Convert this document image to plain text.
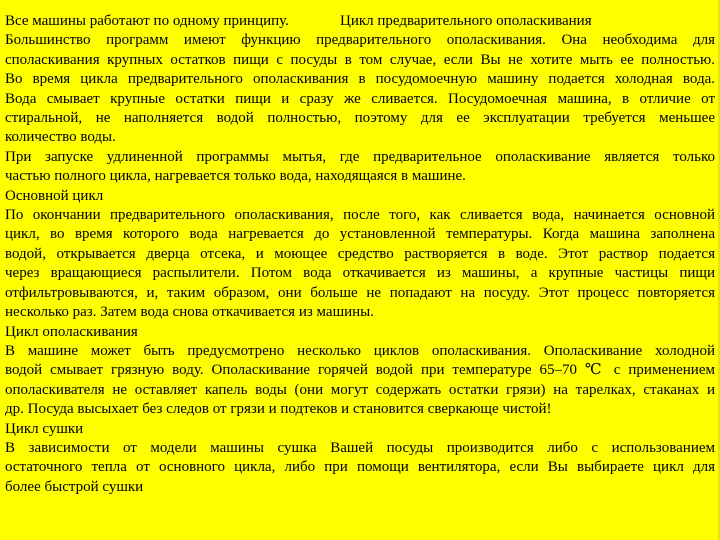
Все машины работают по одному принципу.	Цикл предварительного ополаскивания
Большинство программ имеют функцию предварительного ополаскивания. Она необходима для
споласкивания крупных остатков пищи с посуды в том случае, если Вы не хотите мыть ее полностью.
Во время цикла предварительного ополаскивания в посудомоечную машину подается холодная вода.
Вода смывает крупные остатки пищи и сразу же сливается. Посудомоечная машина, в отличие от
стиральной, не наполняется водой полностью, поэтому для ее эксплуатации требуется меньшее
количество воды.
При запуске удлиненной программы мытья, где предварительное ополаскивание является только
частью полного цикла, нагревается только вода, находящаяся в машине.
Основной цикл
По окончании предварительного ополаскивания, после того, как сливается вода, начинается основной
цикл, во время которого вода нагревается до установленной температуры. Когда машина заполнена
водой, открывается дверца отсека, и моющее средство растворяется в воде. Этот раствор подается
через вращающиеся распылители. Потом вода откачивается из машины, а крупные частицы пищи
отфильтровываются, и, таким образом, они больше не попадают на посуду. Этот процесс повторяется
несколько раз. Затем вода снова откачивается из машины.
Цикл ополаскивания
В машине может быть предусмотрено несколько циклов ополаскивания. Ополаскивание холодной
водой смывает грязную воду. Ополаскивание горячей водой при температуре 65–70 ℃ с применением
ополаскивателя не оставляет капель воды (они могут содержать остатки грязи) на тарелках, стаканах и
др. Посуда высыхает без следов от грязи и подтеков и становится сверкающе чистой!
Цикл сушки
В зависимости от модели машины сушка Вашей посуды производится либо с использованием
остаточного тепла от основного цикла, либо при помощи вентилятора, если Вы выбираете цикл для
более быстрой сушки
